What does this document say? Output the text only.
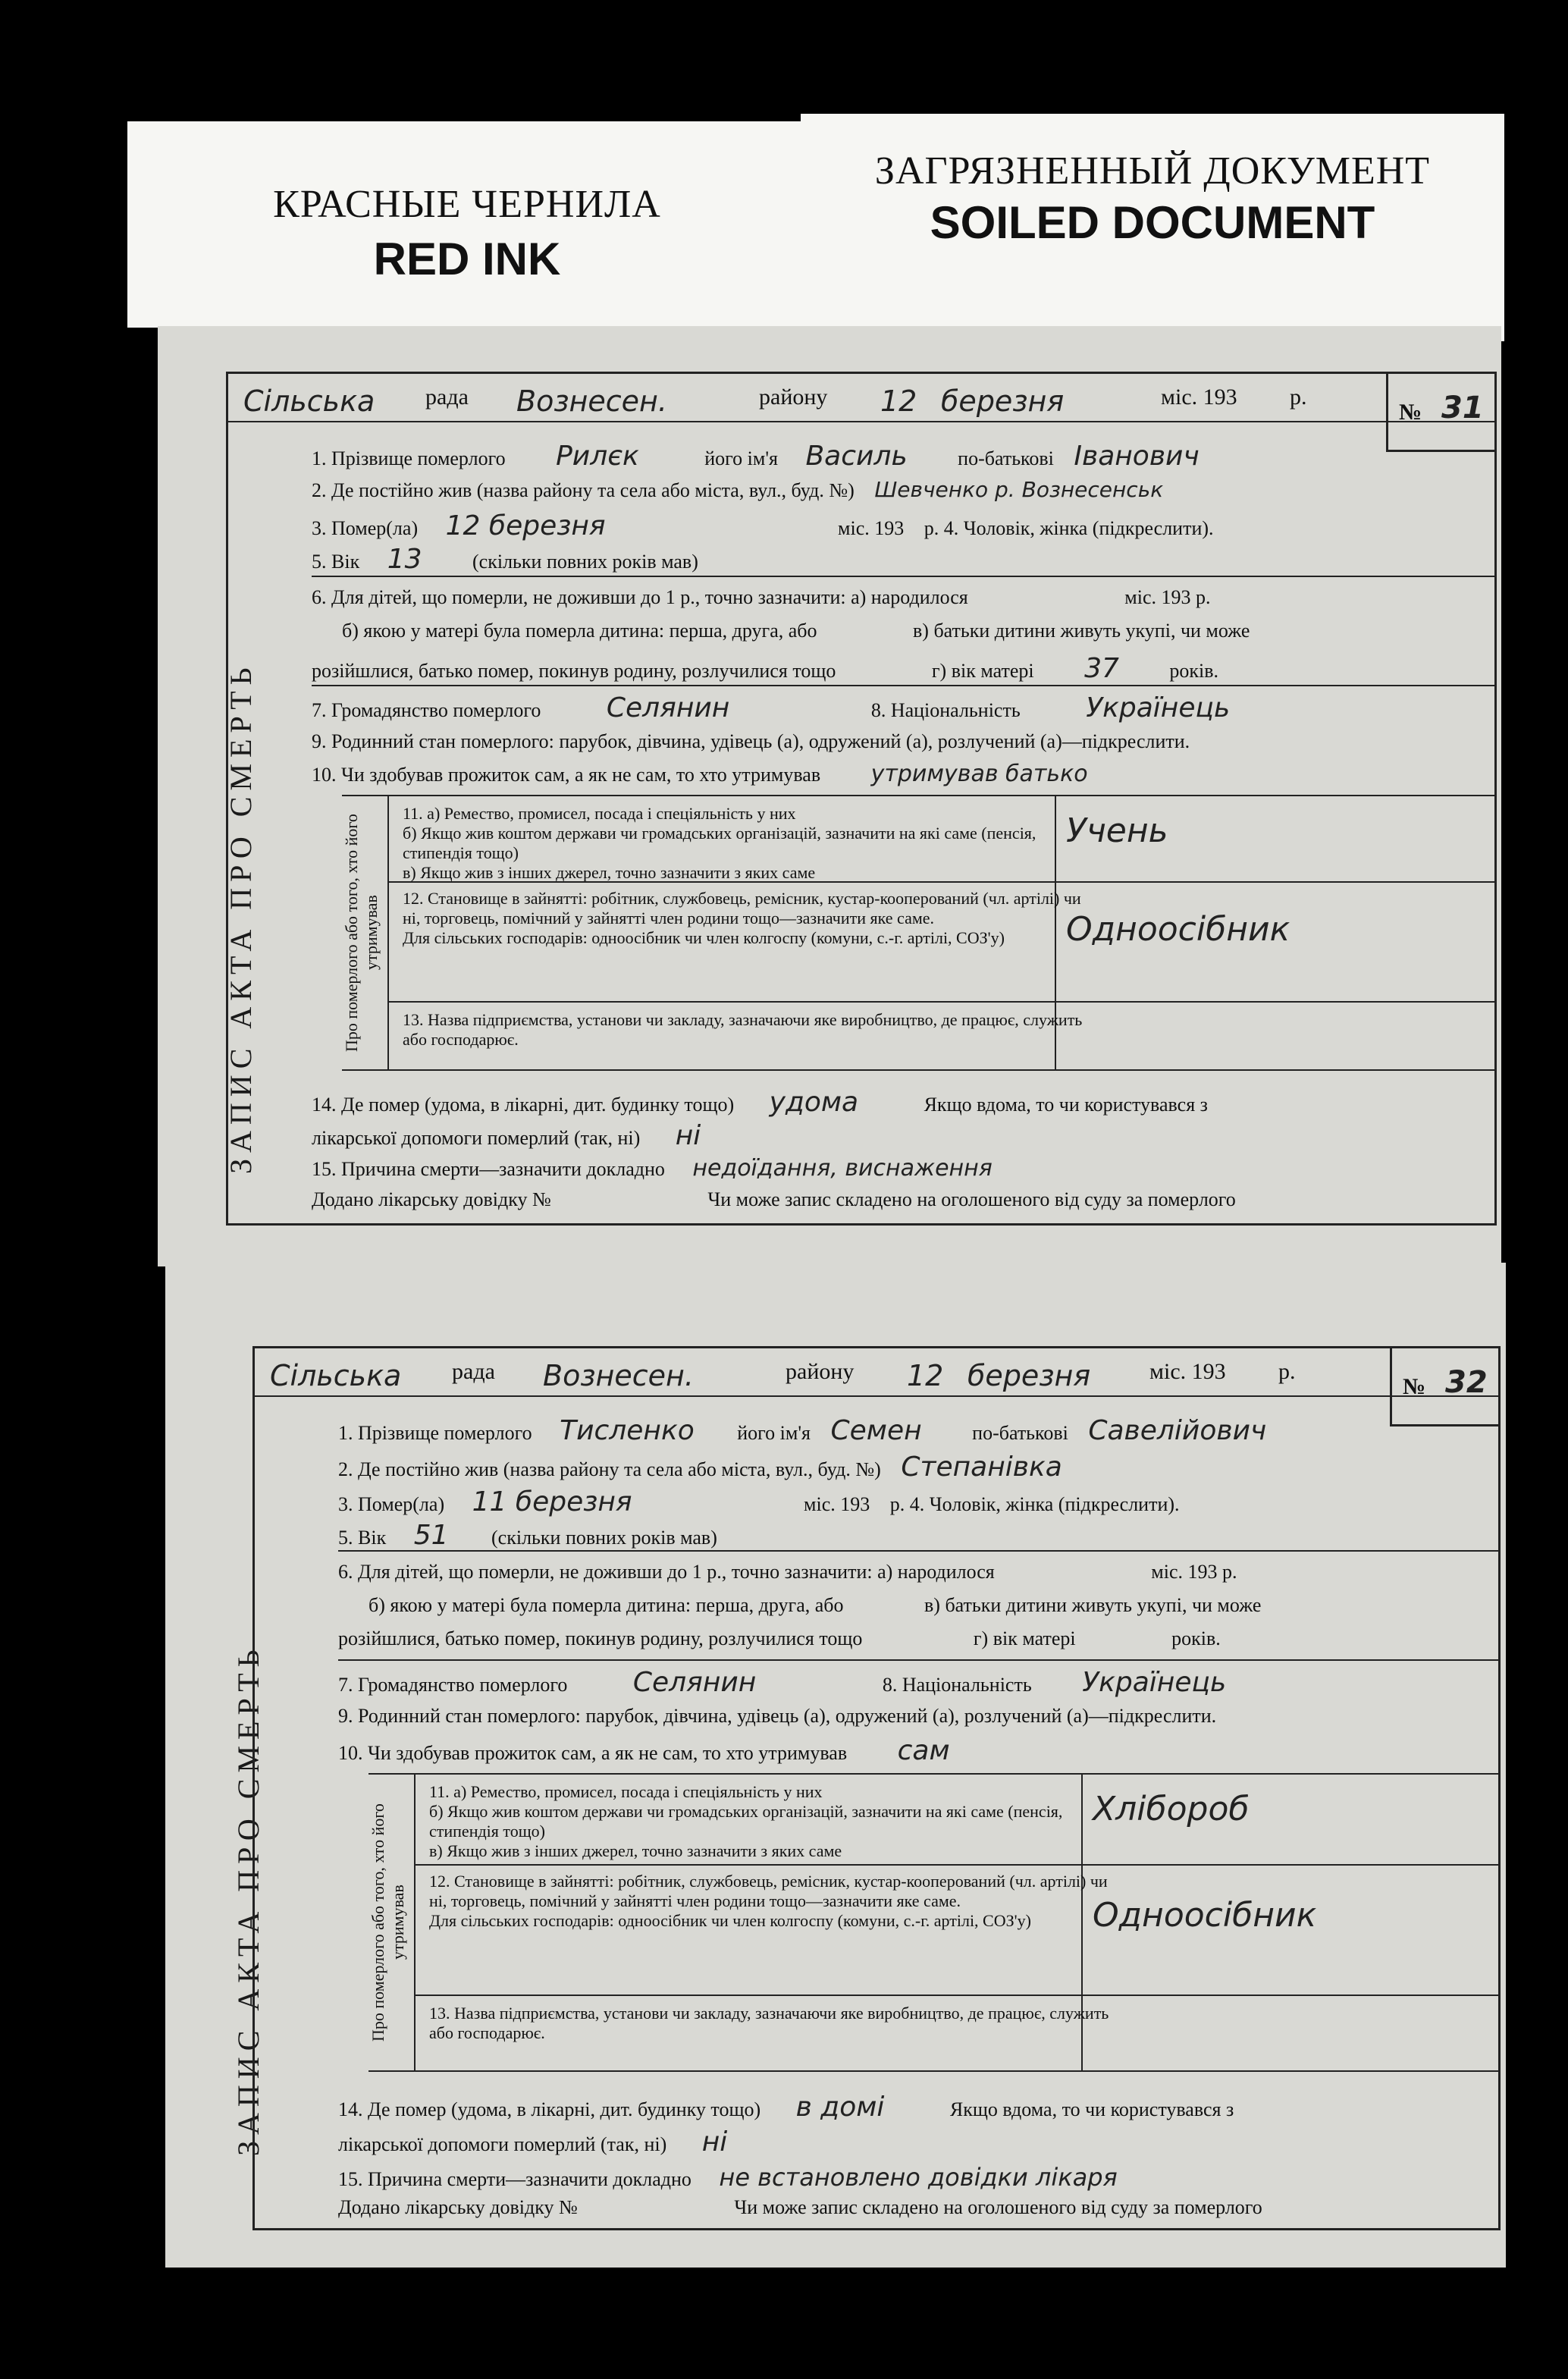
КРАСНЫЕ ЧЕРНИЛА
RED INK
ЗАГРЯЗНЕННЫЙ ДОКУМЕНТ
SOILED DOCUMENT
ЗАПИС АКТА ПРО СМЕРТЬ
Сільська рада Вознесен.	району 12 березня	міс. 193 р.
№ 31
1. Прізвище померлого Рилєк	його ім'я Василь	по-батькові Іванович
2. Де постійно жив (назва району та села або міста, вул., буд. №) Шевченко р. Вознесенськ
3. Помер(ла) 12 березня	міс. 193 р. 4. Чоловік, жінка (підкреслити).
5. Вік 13	(скільки повних років мав)
6. Для дітей, що померли, не доживши до 1 р., точно зазначити: а) народилося	міс. 193 р.
б) якою у матері була померла дитина: перша, друга, або	в) батьки дитини живуть укупі, чи може
розійшлися, батько помер, покинув родину, розлучилися тощо	г) вік матері 37	років.
7. Громадянство померлого Селянин	8. Національність Українець
9. Родинний стан померлого: парубок, дівчина, удівець (а), одружений (а), розлучений (а)—підкреслити.
10. Чи здобував прожиток сам, а як не сам, то хто утримував утримував батько
Про померлого або того, хто його утримував
11. а) Ремество, промисел, посада і спеціяльність у них
б) Якщо жив коштом держави чи громадських організацій, зазначити на які саме (пенсія, стипендія тощо)
в) Якщо жив з інших джерел, точно зазначити з яких саме
Учень
12. Становище в зайнятті: робітник, службовець, ремісник, кустар-кооперований (чл. артілі) чи ні, торговець, помічний у зайнятті член родини тощо—зазначити яке саме.
Для сільських господарів: одноосібник чи член колгоспу (комуни, с.-г. артілі, СОЗ'у)	Одноосібник
13. Назва підприємства, установи чи закладу, зазначаючи яке виробництво, де працює, служить або господарює.
14. Де помер (удома, в лікарні, дит. будинку тощо) удома	Якщо вдома, то чи користувався з
лікарської допомоги померлий (так, ні) ні
15. Причина смерти—зазначити докладно недоїдання, виснаження
Додано лікарську довідку №	Чи може запис складено на оголошеного від суду за померлого
ЗАПИС АКТА ПРО СМЕРТЬ
Сільська рада Вознесен.	району 12 березня	міс. 193 р.
№ 32
1. Прізвище померлого Тисленко його ім'я Семен	по-батькові Савелійович
2. Де постійно жив (назва району та села або міста, вул., буд. №) Степанівка
3. Помер(ла) 11 березня	міс. 193 р. 4. Чоловік, жінка (підкреслити).
5. Вік 51 (скільки повних років мав)
6. Для дітей, що померли, не доживши до 1 р., точно зазначити: а) народилося	міс. 193 р.
б) якою у матері була померла дитина: перша, друга, або	в) батьки дитини живуть укупі, чи може
розійшлися, батько помер, покинув родину, розлучилися тощо	г) вік матері	років.
7. Громадянство померлого Селянин	8. Національність Українець
9. Родинний стан померлого: парубок, дівчина, удівець (а), одружений (а), розлучений (а)—підкреслити.
10. Чи здобував прожиток сам, а як не сам, то хто утримував сам
Про померлого або того, хто його утримував
11. а) Ремество, промисел, посада і спеціяльність у них
б) Якщо жив коштом держави чи громадських організацій, зазначити на які саме (пенсія, стипендія тощо)
в) Якщо жив з інших джерел, точно зазначити з яких саме
Хлібороб
12. Становище в зайнятті: робітник, службовець, ремісник, кустар-кооперований (чл. артілі) чи ні, торговець, помічний у зайнятті член родини тощо—зазначити яке саме.
Для сільських господарів: одноосібник чи член колгоспу (комуни, с.-г. артілі, СОЗ'у)	Одноосібник
13. Назва підприємства, установи чи закладу, зазначаючи яке виробництво, де працює, служить або господарює.
14. Де помер (удома, в лікарні, дит. будинку тощо) в домі	Якщо вдома, то чи користувався з
лікарської допомоги померлий (так, ні) ні
15. Причина смерти—зазначити докладно не встановлено довідки лікаря
Додано лікарську довідку №	Чи може запис складено на оголошеного від суду за померлого
